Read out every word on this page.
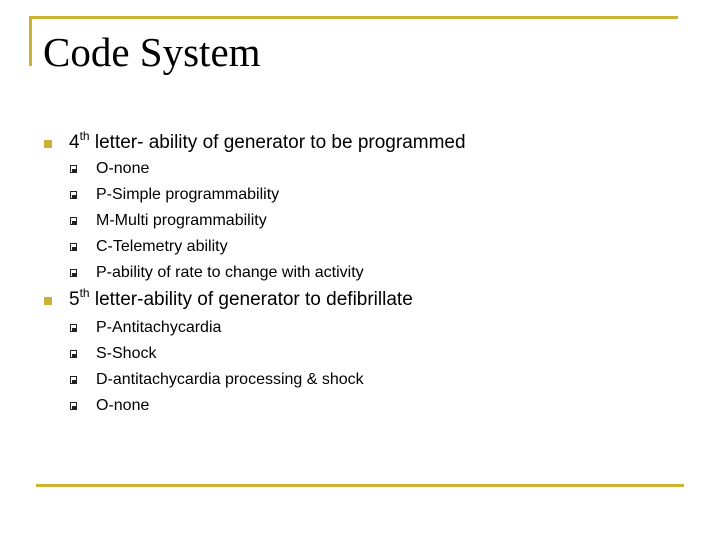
Code System
4th letter- ability of generator to be programmed
O-none
P-Simple programmability
M-Multi programmability
C-Telemetry ability
P-ability of rate to change with activity
5th letter-ability of generator to defibrillate
P-Antitachycardia
S-Shock
D-antitachycardia processing & shock
O-none
